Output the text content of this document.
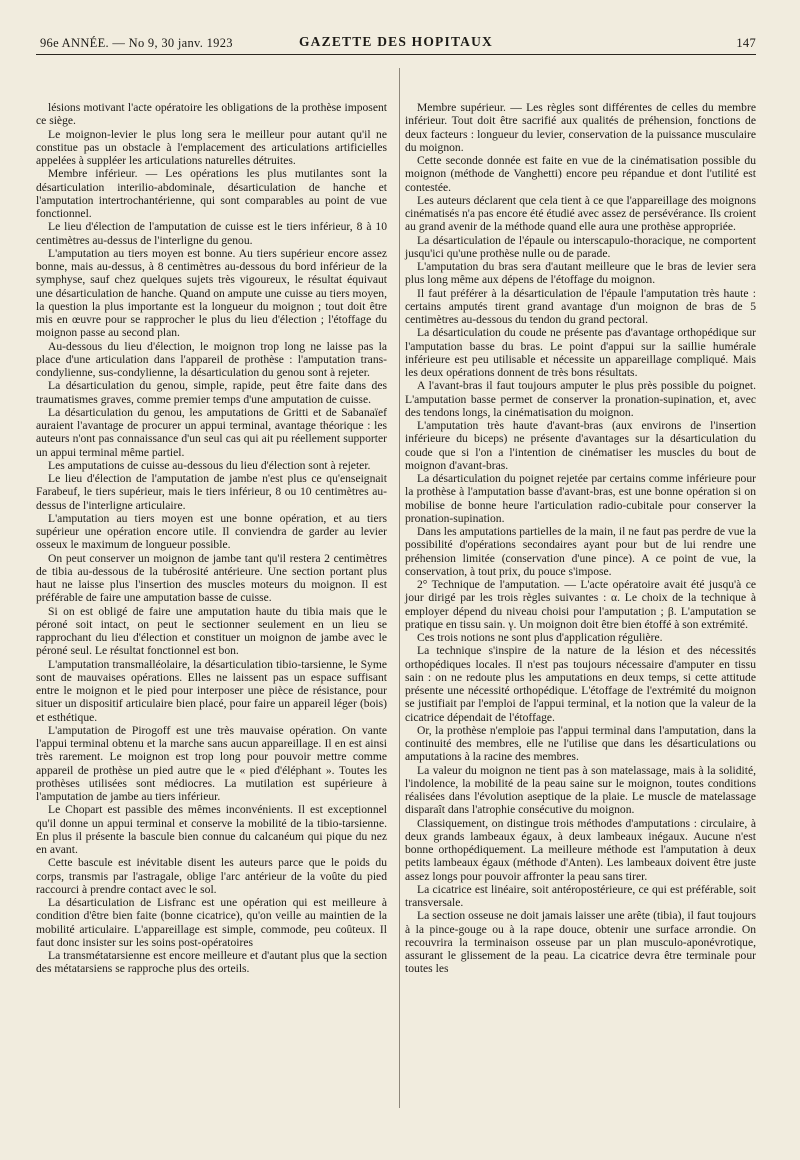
96e ANNÉE. — No 9, 30 janv. 1923	GAZETTE DES HOPITAUX	147

lésions motivant l'acte opératoire les obligations de la prothèse imposent ce siège.

Le moignon-levier le plus long sera le meilleur pour autant qu'il ne constitue pas un obstacle à l'emplacement des articulations artificielles appelées à suppléer les articulations naturelles détruites.

Membre inférieur. — Les opérations les plus mutilantes sont la désarticulation interilio-abdominale, désarticulation de hanche et l'amputation intertrochantérienne, qui sont comparables au point de vue fonctionnel.

Le lieu d'élection de l'amputation de cuisse est le tiers inférieur, 8 à 10 centimètres au-dessus de l'interligne du genou.

L'amputation au tiers moyen est bonne. Au tiers supérieur encore assez bonne, mais au-dessus, à 8 centimètres au-dessous du bord inférieur de la symphyse, sauf chez quelques sujets très vigoureux, le résultat équivaut une désarticulation de hanche. Quand on ampute une cuisse au tiers moyen, la question la plus importante est la longueur du moignon ; tout doit être mis en œuvre pour se rapprocher le plus du lieu d'élection ; l'étoffage du moignon passe au second plan.

Au-dessous du lieu d'élection, le moignon trop long ne laisse pas la place d'une articulation dans l'appareil de prothèse : l'amputation trans-condylienne, sus-condylienne, la désarticulation du genou sont à rejeter.

La désarticulation du genou, simple, rapide, peut être faite dans des traumatismes graves, comme premier temps d'une amputation de cuisse.

La désarticulation du genou, les amputations de Gritti et de Sabanaïef auraient l'avantage de procurer un appui terminal, avantage théorique : les auteurs n'ont pas connaissance d'un seul cas qui ait pu réellement supporter un appui terminal même partiel.

Les amputations de cuisse au-dessous du lieu d'élection sont à rejeter.

Le lieu d'élection de l'amputation de jambe n'est plus ce qu'enseignait Farabeuf, le tiers supérieur, mais le tiers inférieur, 8 ou 10 centimètres au-dessus de l'interligne articulaire.

L'amputation au tiers moyen est une bonne opération, et au tiers supérieur une opération encore utile. Il conviendra de garder au levier osseux le maximum de longueur possible.

On peut conserver un moignon de jambe tant qu'il restera 2 centimètres de tibia au-dessous de la tubérosité antérieure. Une section portant plus haut ne laisse plus l'insertion des muscles moteurs du moignon. Il est préférable de faire une amputation basse de cuisse.

Si on est obligé de faire une amputation haute du tibia mais que le péroné soit intact, on peut le sectionner seulement en un lieu se rapprochant du lieu d'élection et constituer un moignon de jambe avec le péroné seul. Le résultat fonctionnel est bon.

L'amputation transmalléolaire, la désarticulation tibio-tarsienne, le Syme sont de mauvaises opérations. Elles ne laissent pas un espace suffisant entre le moignon et le pied pour interposer une pièce de résistance, pour situer un dispositif articulaire bien placé, pour faire un appareil léger (bois) et esthétique.

L'amputation de Pirogoff est une très mauvaise opération. On vante l'appui terminal obtenu et la marche sans aucun appareillage. Il en est ainsi très rarement. Le moignon est trop long pour pouvoir mettre comme appareil de prothèse un pied autre que le « pied d'éléphant ». Toutes les prothèses utilisées sont médiocres. La mutilation est supérieure à l'amputation de jambe au tiers inférieur.

Le Chopart est passible des mêmes inconvénients. Il est exceptionnel qu'il donne un appui terminal et conserve la mobilité de la tibio-tarsienne. En plus il présente la bascule bien connue du calcanéum qui pique du nez en avant.

Cette bascule est inévitable disent les auteurs parce que le poids du corps, transmis par l'astragale, oblige l'arc antérieur de la voûte du pied raccourci à prendre contact avec le sol.

La désarticulation de Lisfranc est une opération qui est meilleure à condition d'être bien faite (bonne cicatrice), qu'on veille au maintien de la mobilité articulaire. L'appareillage est simple, commode, peu coûteux. Il faut donc insister sur les soins post-opératoires

La transmétatarsienne est encore meilleure et d'autant plus que la section des métatarsiens se rapproche plus des orteils.

Membre supérieur. — Les règles sont différentes de celles du membre inférieur. Tout doit être sacrifié aux qualités de préhension, fonctions de deux facteurs : longueur du levier, conservation de la puissance musculaire du moignon.

Cette seconde donnée est faite en vue de la cinématisation possible du moignon (méthode de Vanghetti) encore peu répandue et dont l'utilité est contestée.

Les auteurs déclarent que cela tient à ce que l'appareillage des moignons cinématisés n'a pas encore été étudié avec assez de persévérance. Ils croient au grand avenir de la méthode quand elle aura une prothèse appropriée.

La désarticulation de l'épaule ou interscapulo-thoracique, ne comportent jusqu'ici qu'une prothèse nulle ou de parade.

L'amputation du bras sera d'autant meilleure que le bras de levier sera plus long même aux dépens de l'étoffage du moignon.

Il faut préférer à la désarticulation de l'épaule l'amputation très haute : certains amputés tirent grand avantage d'un moignon de bras de 5 centimètres au-dessous du tendon du grand pectoral.

La désarticulation du coude ne présente pas d'avantage orthopédique sur l'amputation basse du bras. Le point d'appui sur la saillie humérale inférieure est peu utilisable et nécessite un appareillage compliqué. Mais les deux opérations donnent de très bons résultats.

A l'avant-bras il faut toujours amputer le plus près possible du poignet. L'amputation basse permet de conserver la pronation-supination, et, avec des tendons longs, la cinématisation du moignon.

L'amputation très haute d'avant-bras (aux environs de l'insertion inférieure du biceps) ne présente d'avantages sur la désarticulation du coude que si l'on a l'intention de cinématiser les muscles du bout de moignon d'avant-bras.

La désarticulation du poignet rejetée par certains comme inférieure pour la prothèse à l'amputation basse d'avant-bras, est une bonne opération si on mobilise de bonne heure l'articulation radio-cubitale pour conserver la pronation-supination.

Dans les amputations partielles de la main, il ne faut pas perdre de vue la possibilité d'opérations secondaires ayant pour but de lui rendre une préhension limitée (conservation d'une pince). A ce point de vue, la conservation, à tout prix, du pouce s'impose.

2° Technique de l'amputation. — L'acte opératoire avait été jusqu'à ce jour dirigé par les trois règles suivantes : α. Le choix de la technique à employer dépend du niveau choisi pour l'amputation ; β. L'amputation se pratique en tissu sain. γ. Un moignon doit être bien étoffé à son extrémité.

Ces trois notions ne sont plus d'application régulière.

La technique s'inspire de la nature de la lésion et des nécessités orthopédiques locales. Il n'est pas toujours nécessaire d'amputer en tissu sain : on ne redoute plus les amputations en deux temps, si cette attitude présente une nécessité orthopédique. L'étoffage de l'extrémité du moignon se justifiait par l'emploi de l'appui terminal, et la notion que la valeur de la cicatrice dépendait de l'étoffage.

Or, la prothèse n'emploie pas l'appui terminal dans l'amputation, dans la continuité des membres, elle ne l'utilise que dans les désarticulations ou amputations à la racine des membres.

La valeur du moignon ne tient pas à son matelassage, mais à la solidité, l'indolence, la mobilité de la peau saine sur le moignon, toutes conditions réalisées dans l'évolution aseptique de la plaie. Le muscle de matelassage disparaît dans l'atrophie consécutive du moignon.

Classiquement, on distingue trois méthodes d'amputations : circulaire, à deux grands lambeaux égaux, à deux lambeaux inégaux. Aucune n'est bonne orthopédiquement. La meilleure méthode est l'amputation à deux petits lambeaux égaux (méthode d'Anten). Les lambeaux doivent être juste assez longs pour pouvoir affronter la peau sans tirer.

La cicatrice est linéaire, soit antéropostérieure, ce qui est préférable, soit transversale.

La section osseuse ne doit jamais laisser une arête (tibia), il faut toujours à la pince-gouge ou à la rape douce, obtenir une surface arrondie. On recouvrira la terminaison osseuse par un plan musculo-aponévrotique, assurant le glissement de la peau. La cicatrice devra être terminale pour toutes les
